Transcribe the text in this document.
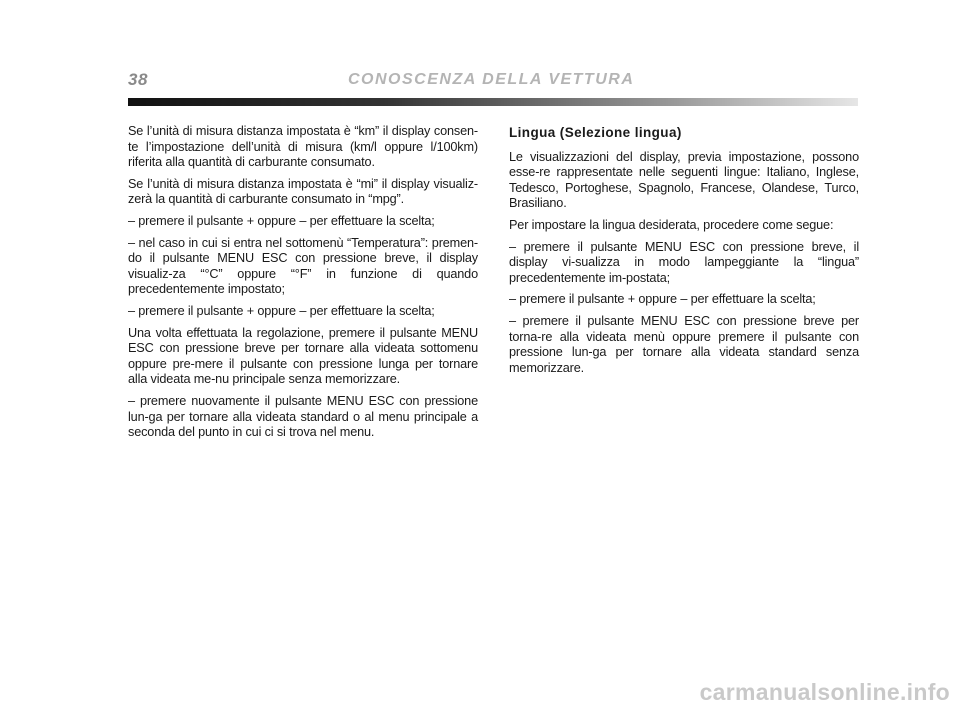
38	CONOSCENZA DELLA VETTURA

Se l’unità di misura distanza impostata è “km” il display consen-te l’impostazione dell’unità di misura (km/l oppure l/100km) riferita alla quantità di carburante consumato.

Se l’unità di misura distanza impostata è “mi” il display visualiz-zerà la quantità di carburante consumato in “mpg”.

– premere il pulsante + oppure – per effettuare la scelta;

– nel caso in cui si entra nel sottomenù “Temperatura”: premen-do il pulsante MENU ESC con pressione breve, il display visualiz-za “°C” oppure “°F” in funzione di quando precedentemente impostato;

– premere il pulsante + oppure – per effettuare la scelta;

Una volta effettuata la regolazione, premere il pulsante MENU ESC con pressione breve per tornare alla videata sottomenu oppure pre-mere il pulsante con pressione lunga per tornare alla videata me-nu principale senza memorizzare.

– premere nuovamente il pulsante MENU ESC con pressione lun-ga per tornare alla videata standard o al menu principale a seconda del punto in cui ci si trova nel menu.

Lingua (Selezione lingua)

Le visualizzazioni del display, previa impostazione, possono esse-re rappresentate nelle seguenti lingue: Italiano, Inglese, Tedesco, Portoghese, Spagnolo, Francese, Olandese, Turco, Brasiliano.

Per impostare la lingua desiderata, procedere come segue:

– premere il pulsante MENU ESC con pressione breve, il display vi-sualizza in modo lampeggiante la “lingua” precedentemente im-postata;

– premere il pulsante + oppure – per effettuare la scelta;

– premere il pulsante MENU ESC con pressione breve per torna-re alla videata menù oppure premere il pulsante con pressione lun-ga per tornare alla videata standard senza memorizzare.

carmanualsonline.info
